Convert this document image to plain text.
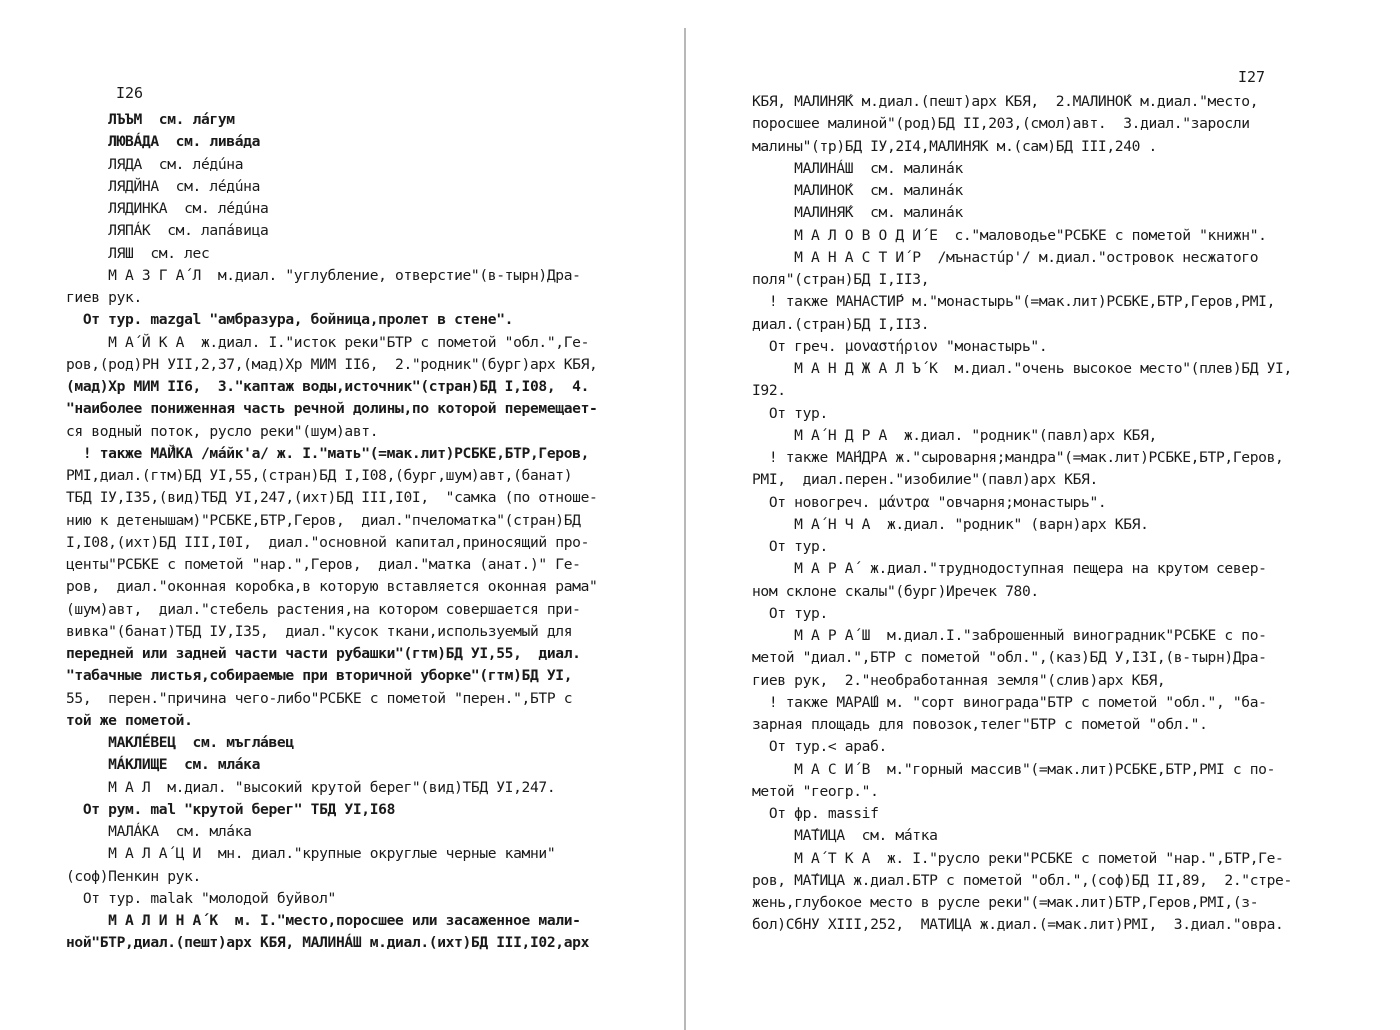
I26
ЛЪЪМ  см. лáгум
ЛЮВÁДА  см. ливáда
ЛЯДА  см. лéдúна
ЛЯДЙНА  см. лéдúна
ЛЯДИНКА  см. лéдúна
ЛЯПÁК  см. лапáвица
ЛЯШ  см. лес
М А З Г А́ Л  м.диал. "углубление, отверстие"(в-тырн)Дра-
гиев рук.
От тур. mazgal "амбразура, бойница,пролет в стене".
М А́ Й К А  ж.диал. I."исток реки"БТР с пометой "обл.",Ге-
ров,(род)РН УII,2,37,(мад)Хр МИМ II6,  2."родник"(бург)арх КБЯ,
(мад)Хр МИМ II6,  3."каптаж воды,источник"(стран)БД I,I08,  4.
"наиболее пониженная часть речной долины,по которой перемещает-
ся водный поток, русло реки"(шум)авт.
! также МА́ЙКА /мáйк'а/ ж. I."мать"(=мак.лит)РСБКЕ,БТР,Геров,
РМI,диал.(гтм)БД УI,55,(стран)БД I,I08,(бург,шум)авт,(банат)
ТБД IУ,I35,(вид)ТБД УI,247,(ихт)БД III,I0I,  "самка (по отноше-
нию к детенышам)"РСБКЕ,БТР,Геров,  диал."пчеломатка"(стран)БД
I,I08,(ихт)БД III,I0I,  диал."основной капитал,приносящий про-
центы"РСБКЕ с пометой "нар.",Геров,  диал."матка (анат.)" Ге-
ров,  диал."оконная коробка,в которую вставляется оконная рама"
(шум)авт,  диал."стебель растения,на котором совершается при-
вивка"(банат)ТБД IУ,I35,  диал."кусок ткани,используемый для
передней или задней части части рубашки"(гтм)БД УI,55,  диал.
"табачные листья,собираемые при вторичной уборке"(гтм)БД УI,
55,  перен."причина чего-либо"РСБКЕ с пометой "перен.",БТР с
той же пометой.
МАКЛÉВЕЦ  см. мъглáвец
МÁКЛИЩЕ  см. млáка
М А Л  м.диал. "высокий крутой берег"(вид)ТБД УI,247.
От рум. mal "крутой берег" ТБД УI,I68
МАЛÁКА  см. млáка
М А Л А́ Ц И  мн. диал."крупные округлые черные камни"
(соф)Пенкин рук.
От тур. malak "молодой буйвол"
М А Л И Н А́ К  м. I."место,поросшее или засаженное мали-
ной"БТР,диал.(пешт)арх КБЯ, МАЛИНÁШ м.диал.(ихт)БД III,I02,арх
I27
КБЯ, МАЛИНЯ́К м.диал.(пешт)арх КБЯ,  2.МАЛИНО́К м.диал."место,
поросшее малиной"(род)БД II,203,(смол)авт.  3.диал."заросли
малины"(тр)БД IУ,2I4,МАЛИНЯК м.(сам)БД III,240 .
МАЛИНÁШ  см. малинáк
МАЛИНО́К  см. малинáк
МАЛИНЯ́К  см. малинáк
М А Л О В О Д И́ Е  с."маловодье"РСБКЕ с пометой "книжн".
М А Н А С Т И́ Р  /мънастúр'/ м.диал."островок несжатого
поля"(стран)БД I,II3,
! также МАНАСТИ́Р м."монастырь"(=мак.лит)РСБКЕ,БТР,Геров,РМI,
диал.(стран)БД I,II3.
От греч. μοναστήριον "монастырь".
М А Н Д Ж А Л Ъ́ К  м.диал."очень высокое место"(плев)БД УI,
I92.
От тур.
М А́ Н Д Р А  ж.диал. "родник"(павл)арх КБЯ,
! также МА́НДРА ж."сыроварня;мандра"(=мак.лит)РСБКЕ,БТР,Геров,
РМI,  диал.перен."изобилие"(павл)арх КБЯ.
От новогреч. μάντρα "овчарня;монастырь".
М А́ Н Ч А  ж.диал. "родник" (варн)арх КБЯ.
От тур.
М А Р А́  ж.диал."труднодоступная пещера на крутом север-
ном склоне скалы"(бург)Иречек 780.
От тур.
М А Р А́ Ш  м.диал.I."заброшенный виноградник"РСБКЕ с по-
метой "диал.",БТР с пометой "обл.",(каз)БД У,I3I,(в-тырн)Дра-
гиев рук,  2."необработанная земля"(слив)арх КБЯ,
! также МАРА́Ш м. "сорт винограда"БТР с пометой "обл.", "ба-
зарная площадь для повозок,телег"БТР с пометой "обл.".
От тур.< араб.
М А С И́ В  м."горный массив"(=мак.лит)РСБКЕ,БТР,РМI с по-
метой "геогр.".
От фр. massif
МА́ТИЦА  см. мáтка
М А́ Т К А  ж. I."русло реки"РСБКЕ с пометой "нар.",БТР,Ге-
ров, МА́ТИЦА ж.диал.БТР с пометой "обл.",(соф)БД II,89,  2."стре-
жень,глубокое место в русле реки"(=мак.лит)БТР,Геров,РМI,(з-
бол)СбНУ XIII,252,  МАТИЦА ж.диал.(=мак.лит)РМI,  3.диал."овра.
